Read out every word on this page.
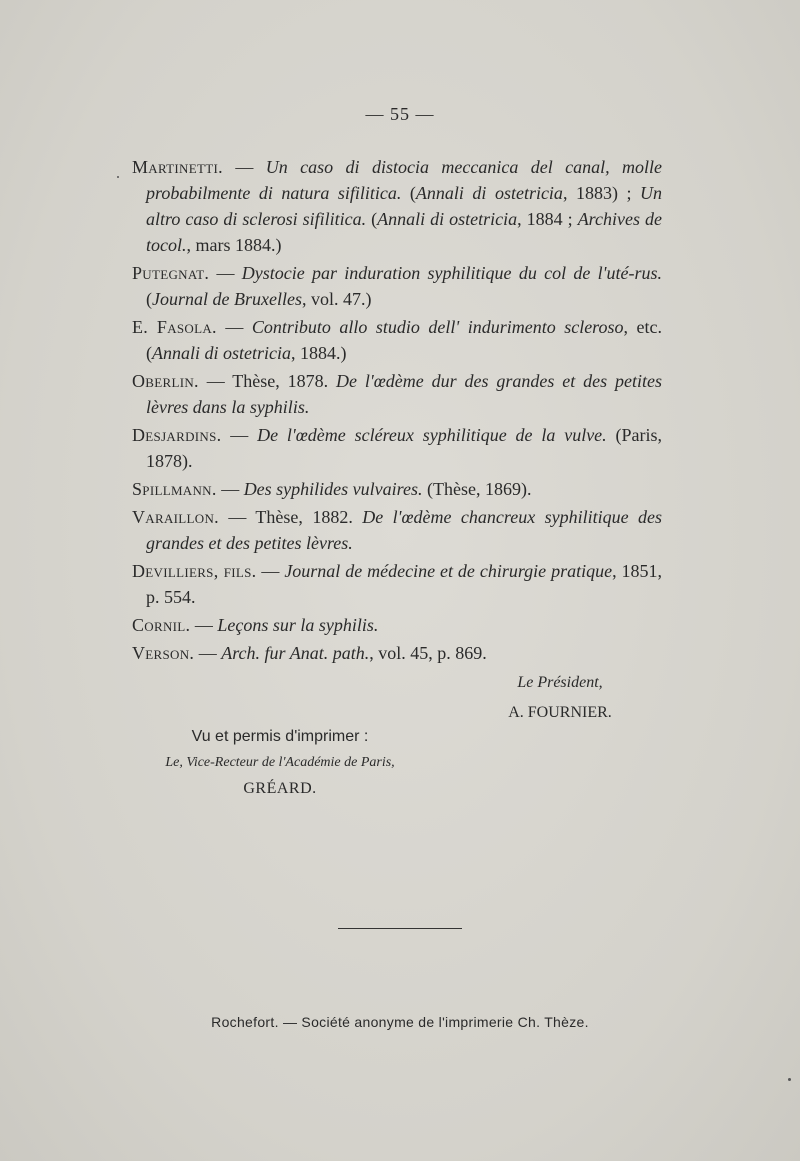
— 55 —
Martinetti. — Un caso di distocia meccanica del canal, molle probabilmente di natura sifilitica. (Annali di ostetricia, 1883) ; Un altro caso di sclerosi sifilitica. (Annali di ostetricia, 1884 ; Archives de tocol., mars 1884.)
Putegnat. — Dystocie par induration syphilitique du col de l'uté-rus. (Journal de Bruxelles, vol. 47.)
E. Fasola. — Contributo allo studio dell' indurimento scleroso, etc. (Annali di ostetricia, 1884.)
Oberlin. — Thèse, 1878. De l'œdème dur des grandes et des petites lèvres dans la syphilis.
Desjardins. — De l'œdème scléreux syphilitique de la vulve. (Paris, 1878).
Spillmann. — Des syphilides vulvaires. (Thèse, 1869).
Varaillon. — Thèse, 1882. De l'œdème chancreux syphilitique des grandes et des petites lèvres.
Devilliers, fils. — Journal de médecine et de chirurgie pratique, 1851, p. 554.
Cornil. — Leçons sur la syphilis.
Verson. — Arch. fur Anat. path., vol. 45, p. 869.
Le Président,
A. FOURNIER.
Vu et permis d'imprimer :
Le, Vice-Recteur de l'Académie de Paris,
GRÉARD.
Rochefort. — Société anonyme de l'imprimerie Ch. Thèze.
